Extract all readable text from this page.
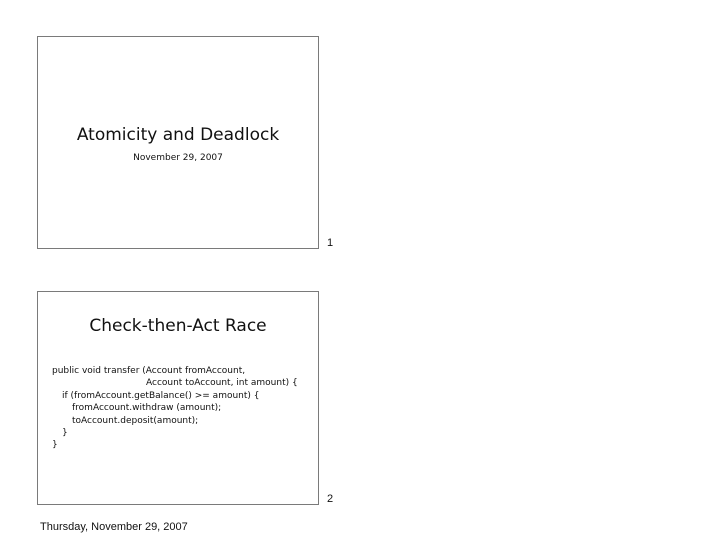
Atomicity and Deadlock
November 29, 2007
1
Check-then-Act Race
public void transfer (Account fromAccount,
Account toAccount, int amount) {
if (fromAccount.getBalance() >= amount) {
fromAccount.withdraw (amount);
toAccount.deposit(amount);
}
}
2
Thursday, November 29, 2007
